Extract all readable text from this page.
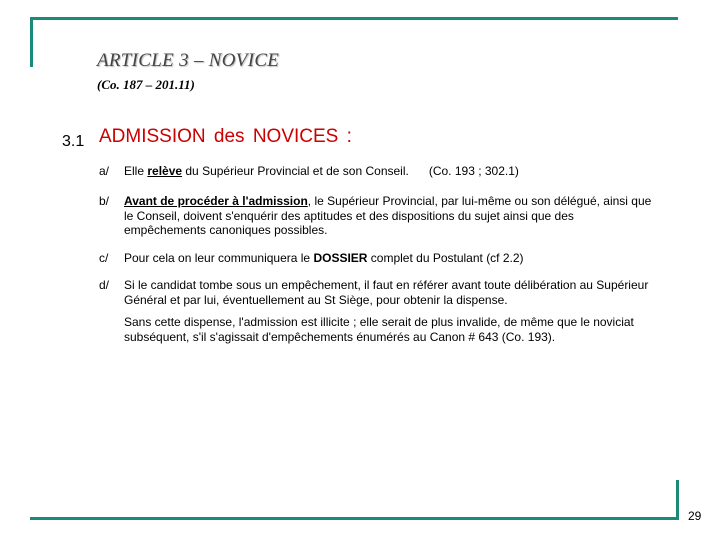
ARTICLE 3 – NOVICE
(Co. 187 – 201.11)
3.1 ADMISSION des NOVICES :
a/ Elle relève du Supérieur Provincial et de son Conseil. (Co. 193 ; 302.1)
b/ Avant de procéder à l'admission, le Supérieur Provincial, par lui-même ou son délégué, ainsi que le Conseil, doivent s'enquérir des aptitudes et des dispositions du sujet ainsi que des empêchements canoniques possibles.
c/ Pour cela on leur communiquera le DOSSIER complet du Postulant (cf 2.2)
d/ Si le candidat tombe sous un empêchement, il faut en référer avant toute délibération au Supérieur Général et par lui, éventuellement au St Siège, pour obtenir la dispense.
Sans cette dispense, l'admission est illicite ; elle serait de plus invalide, de même que le noviciat subséquent, s'il s'agissait d'empêchements énumérés au Canon # 643 (Co. 193).
29
